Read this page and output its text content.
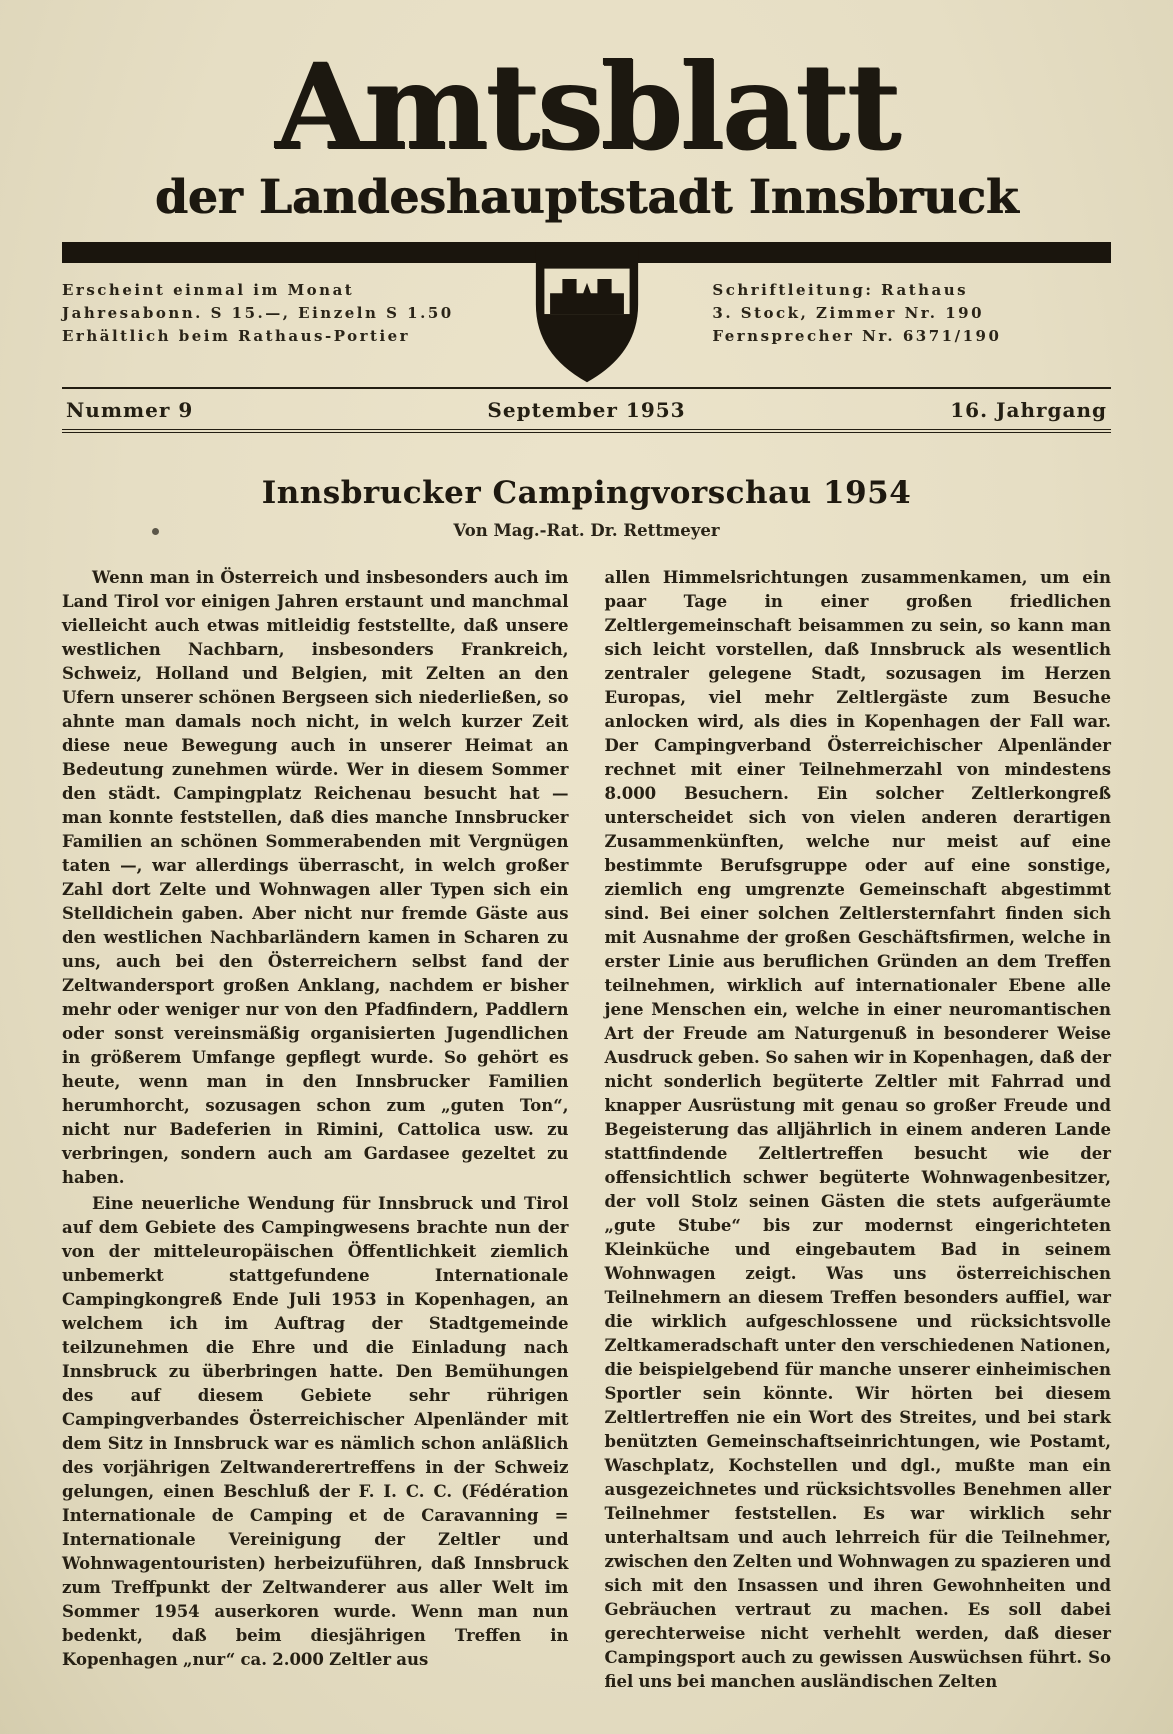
Amtsblatt
der Landeshauptstadt Innsbruck
Erscheint einmal im Monat
Jahresabonn. S 15.—, Einzeln S 1.50
Erhältlich beim Rathaus-Portier
Schriftleitung: Rathaus
3. Stock, Zimmer Nr. 190
Fernsprecher Nr. 6371/190
Nummer 9	September 1953	16. Jahrgang
Innsbrucker Campingvorschau 1954
Von Mag.-Rat. Dr. Rettmeyer

Wenn man in Österreich und insbesonders auch im Land Tirol vor einigen Jahren erstaunt und manchmal vielleicht auch etwas mitleidig feststellte, daß unsere westlichen Nachbarn, insbesonders Frankreich, Schweiz, Holland und Belgien, mit Zelten an den Ufern unserer schönen Bergseen sich niederließen, so ahnte man damals noch nicht, in welch kurzer Zeit diese neue Bewegung auch in unserer Heimat an Bedeutung zunehmen würde. Wer in diesem Sommer den städt. Campingplatz Reichenau besucht hat — man konnte feststellen, daß dies manche Innsbrucker Familien an schönen Sommerabenden mit Vergnügen taten —, war allerdings überrascht, in welch großer Zahl dort Zelte und Wohnwagen aller Typen sich ein Stelldichein gaben. Aber nicht nur fremde Gäste aus den westlichen Nachbarländern kamen in Scharen zu uns, auch bei den Österreichern selbst fand der Zeltwandersport großen Anklang, nachdem er bisher mehr oder weniger nur von den Pfadfindern, Paddlern oder sonst vereinsmäßig organisierten Jugendlichen in größerem Umfange gepflegt wurde. So gehört es heute, wenn man in den Innsbrucker Familien herumhorcht, sozusagen schon zum „guten Ton“, nicht nur Badeferien in Rimini, Cattolica usw. zu verbringen, sondern auch am Gardasee gezeltet zu haben.

Eine neuerliche Wendung für Innsbruck und Tirol auf dem Gebiete des Campingwesens brachte nun der von der mitteleuropäischen Öffentlichkeit ziemlich unbemerkt stattgefundene Internationale Campingkongreß Ende Juli 1953 in Kopenhagen, an welchem ich im Auftrag der Stadtgemeinde teilzunehmen die Ehre und die Einladung nach Innsbruck zu überbringen hatte. Den Bemühungen des auf diesem Gebiete sehr rührigen Campingverbandes Österreichischer Alpenländer mit dem Sitz in Innsbruck war es nämlich schon anläßlich des vorjährigen Zeltwanderertreffens in der Schweiz gelungen, einen Beschluß der F. I. C. C. (Fédération Internationale de Camping et de Caravanning = Internationale Vereinigung der Zeltler und Wohnwagentouristen) herbeizuführen, daß Innsbruck zum Treffpunkt der Zeltwanderer aus aller Welt im Sommer 1954 auserkoren wurde. Wenn man nun bedenkt, daß beim diesjährigen Treffen in Kopenhagen „nur“ ca. 2.000 Zeltler aus

allen Himmelsrichtungen zusammenkamen, um ein paar Tage in einer großen friedlichen Zeltlergemeinschaft beisammen zu sein, so kann man sich leicht vorstellen, daß Innsbruck als wesentlich zentraler gelegene Stadt, sozusagen im Herzen Europas, viel mehr Zeltlergäste zum Besuche anlocken wird, als dies in Kopenhagen der Fall war. Der Campingverband Österreichischer Alpenländer rechnet mit einer Teilnehmerzahl von mindestens 8.000 Besuchern. Ein solcher Zeltlerkongreß unterscheidet sich von vielen anderen derartigen Zusammenkünften, welche nur meist auf eine bestimmte Berufsgruppe oder auf eine sonstige, ziemlich eng umgrenzte Gemeinschaft abgestimmt sind. Bei einer solchen Zeltlersternfahrt finden sich mit Ausnahme der großen Geschäftsfirmen, welche in erster Linie aus beruflichen Gründen an dem Treffen teilnehmen, wirklich auf internationaler Ebene alle jene Menschen ein, welche in einer neuromantischen Art der Freude am Naturgenuß in besonderer Weise Ausdruck geben. So sahen wir in Kopenhagen, daß der nicht sonderlich begüterte Zeltler mit Fahrrad und knapper Ausrüstung mit genau so großer Freude und Begeisterung das alljährlich in einem anderen Lande stattfindende Zeltlertreffen besucht wie der offensichtlich schwer begüterte Wohnwagenbesitzer, der voll Stolz seinen Gästen die stets aufgeräumte „gute Stube“ bis zur modernst eingerichteten Kleinküche und eingebautem Bad in seinem Wohnwagen zeigt. Was uns österreichischen Teilnehmern an diesem Treffen besonders auffiel, war die wirklich aufgeschlossene und rücksichtsvolle Zeltkameradschaft unter den verschiedenen Nationen, die beispielgebend für manche unserer einheimischen Sportler sein könnte. Wir hörten bei diesem Zeltlertreffen nie ein Wort des Streites, und bei stark benützten Gemeinschaftseinrichtungen, wie Postamt, Waschplatz, Kochstellen und dgl., mußte man ein ausgezeichnetes und rücksichtsvolles Benehmen aller Teilnehmer feststellen. Es war wirklich sehr unterhaltsam und auch lehrreich für die Teilnehmer, zwischen den Zelten und Wohnwagen zu spazieren und sich mit den Insassen und ihren Gewohnheiten und Gebräuchen vertraut zu machen. Es soll dabei gerechterweise nicht verhehlt werden, daß dieser Campingsport auch zu gewissen Auswüchsen führt. So fiel uns bei manchen ausländischen Zelten
